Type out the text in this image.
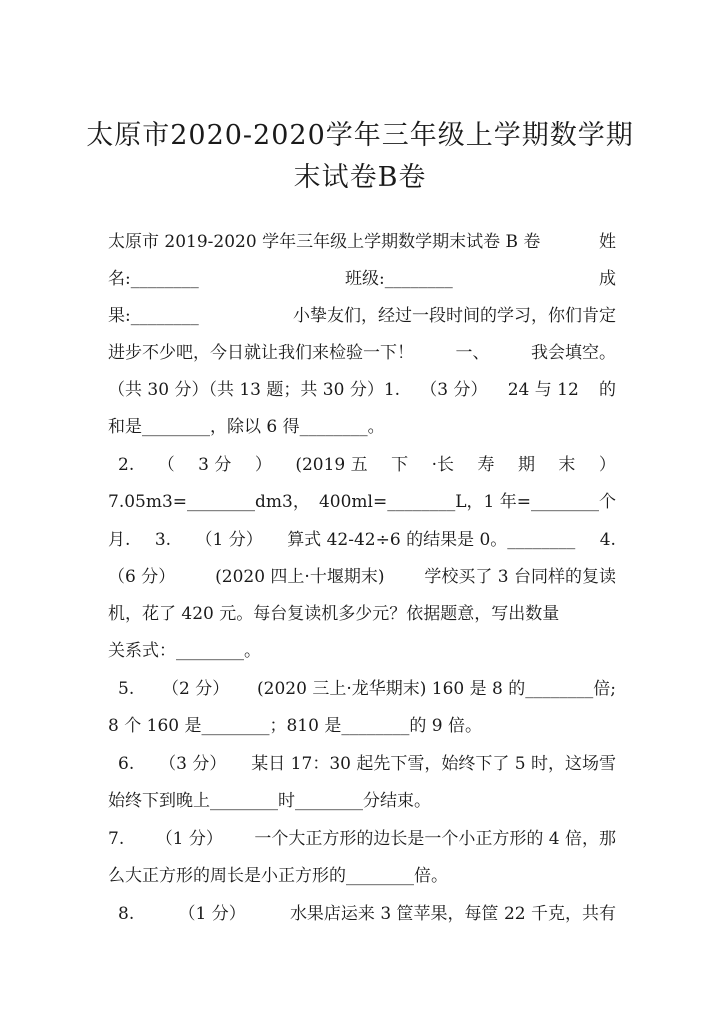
太原市2020-2020学年三年级上学期数学期
末试卷B卷
太原市 2019-2020 学年三年级上学期数学期末试卷 B 卷	姓
名:________	班级:________	成
果:________	小挚友们，经过一段时间的学习，你们肯定
进步不少吧，今日就让我们来检验一下！ 一、 我会填空。
（共 30 分）（共 13 题；共 30 分）1. （3 分） 24 与 12 的
和是________，除以 6 得________。
2. （ 3 分 ） (2019 五 下 ·长 寿 期 末 ）
7.05m3=________dm3， 400ml=________L，1 年=________个
月. 3. （1 分） 算式 42-42÷6 的结果是 0。________ 4.
（6 分） (2020 四上·十堰期末) 学校买了 3 台同样的复读
机，花了 420 元。每台复读机多少元？依据题意，写出数量
关系式：________。
5. （2 分） (2020 三上·龙华期末) 160 是 8 的________倍;
8 个 160 是________；810 是________的 9 倍。
6. （3 分） 某日 17：30 起先下雪，始终下了 5 时，这场雪
始终下到晚上________时________分结束。
7. （1 分） 一个大正方形的边长是一个小正方形的 4 倍，那
么大正方形的周长是小正方形的________倍。
8.	（1 分）	水果店运来 3 筐苹果，每筐 22 千克，共有
